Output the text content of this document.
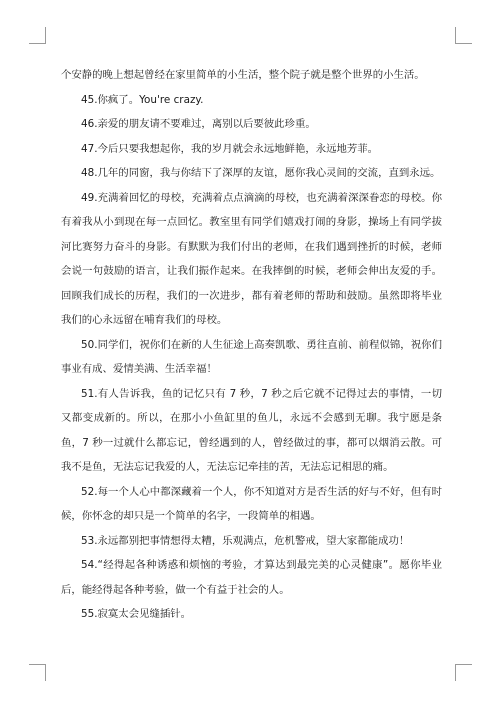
个安静的晚上想起曾经在家里简单的小生活，整个院子就是整个世界的小生活。

45.你疯了。You're crazy.

46.亲爱的朋友请不要难过，离别以后要彼此珍重。

47.今后只要我想起你，我的岁月就会永远地鲜艳，永远地芳菲。

48.几年的同窗，我与你结下了深厚的友谊，愿你我心灵间的交流，直到永远。

49.充满着回忆的母校，充满着点点滴滴的母校，也充满着深深眷恋的母校。你有着我从小到现在每一点回忆。教室里有同学们嬉戏打闹的身影，操场上有同学拔河比赛努力奋斗的身影。有默默为我们付出的老师，在我们遇到挫折的时候，老师会说一句鼓励的语言，让我们振作起来。在我摔倒的时候，老师会伸出友爱的手。回顾我们成长的历程，我们的一次进步，都有着老师的帮助和鼓励。虽然即将毕业我们的心永远留在哺育我们的母校。

50.同学们，祝你们在新的人生征途上高奏凯歌、勇往直前、前程似锦，祝你们事业有成、爱情美满、生活幸福！

51.有人告诉我，鱼的记忆只有 7 秒，7 秒之后它就不记得过去的事情，一切又都变成新的。所以，在那小小鱼缸里的鱼儿，永远不会感到无聊。我宁愿是条鱼，7 秒一过就什么都忘记，曾经遇到的人，曾经做过的事，都可以烟消云散。可我不是鱼，无法忘记我爱的人，无法忘记牵挂的苦，无法忘记相思的痛。

52.每一个人心中都深藏着一个人，你不知道对方是否生活的好与不好，但有时候，你怀念的却只是一个简单的名字，一段简单的相遇。

53.永远都别把事情想得太糟，乐观满点，危机警戒，望大家都能成功！

54.“经得起各种诱惑和烦恼的考验，才算达到最完美的心灵健康”。愿你毕业后，能经得起各种考验，做一个有益于社会的人。

55.寂寞太会见缝插针。
